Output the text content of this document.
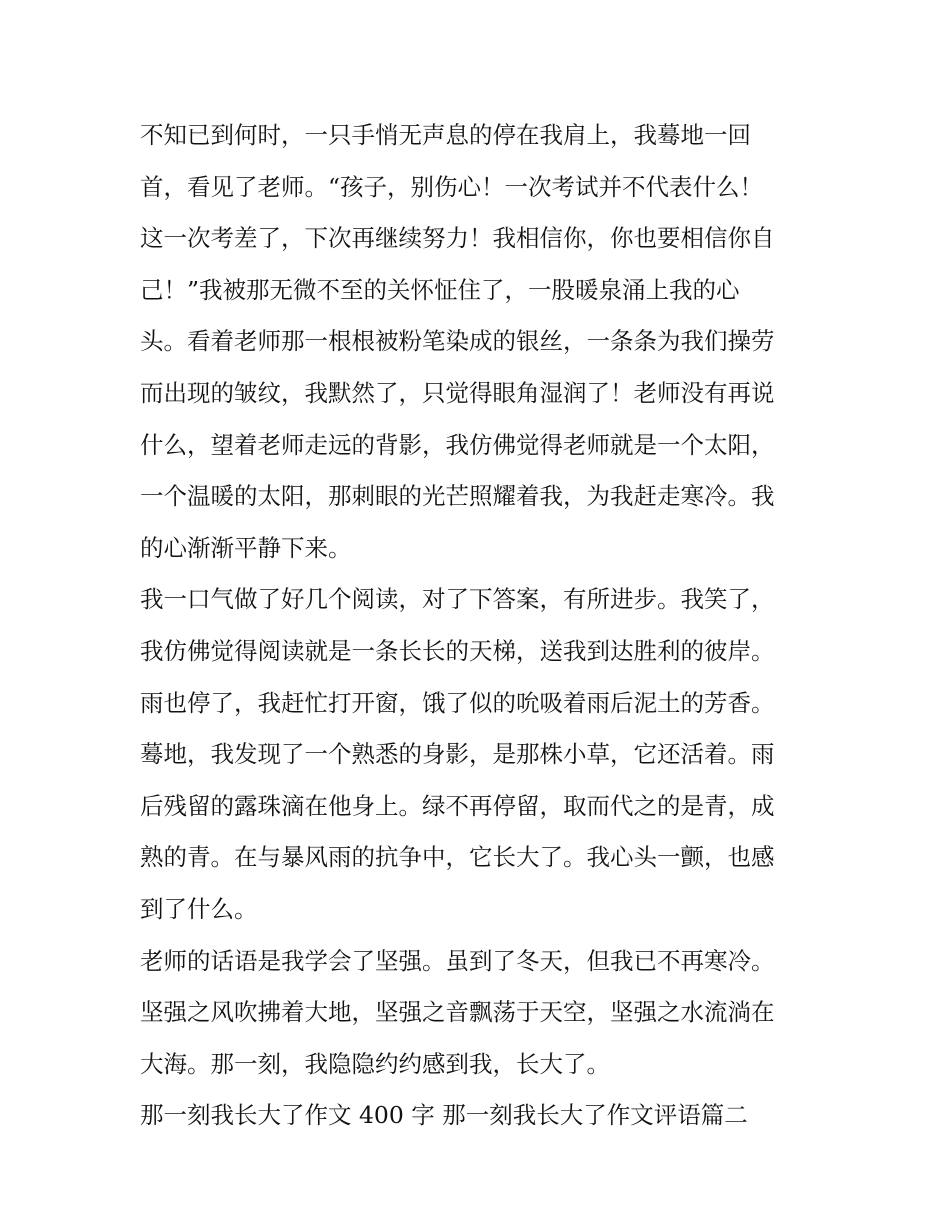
不知已到何时，一只手悄无声息的停在我肩上，我蓦地一回
首，看见了老师。“孩子，别伤心！一次考试并不代表什么！
这一次考差了，下次再继续努力！我相信你，你也要相信你自
己！”我被那无微不至的关怀怔住了，一股暖泉涌上我的心
头。看着老师那一根根被粉笔染成的银丝，一条条为我们操劳
而出现的皱纹，我默然了，只觉得眼角湿润了！老师没有再说
什么，望着老师走远的背影，我仿佛觉得老师就是一个太阳，
一个温暖的太阳，那刺眼的光芒照耀着我，为我赶走寒冷。我
的心渐渐平静下来。
我一口气做了好几个阅读，对了下答案，有所进步。我笑了，
我仿佛觉得阅读就是一条长长的天梯，送我到达胜利的彼岸。
雨也停了，我赶忙打开窗，饿了似的吮吸着雨后泥土的芳香。
蓦地，我发现了一个熟悉的身影，是那株小草，它还活着。雨
后残留的露珠滴在他身上。绿不再停留，取而代之的是青，成
熟的青。在与暴风雨的抗争中，它长大了。我心头一颤，也感
到了什么。
老师的话语是我学会了坚强。虽到了冬天，但我已不再寒冷。
坚强之风吹拂着大地，坚强之音飘荡于天空，坚强之水流淌在
大海。那一刻，我隐隐约约感到我，长大了。
那一刻我长大了作文 400 字 那一刻我长大了作文评语篇二
